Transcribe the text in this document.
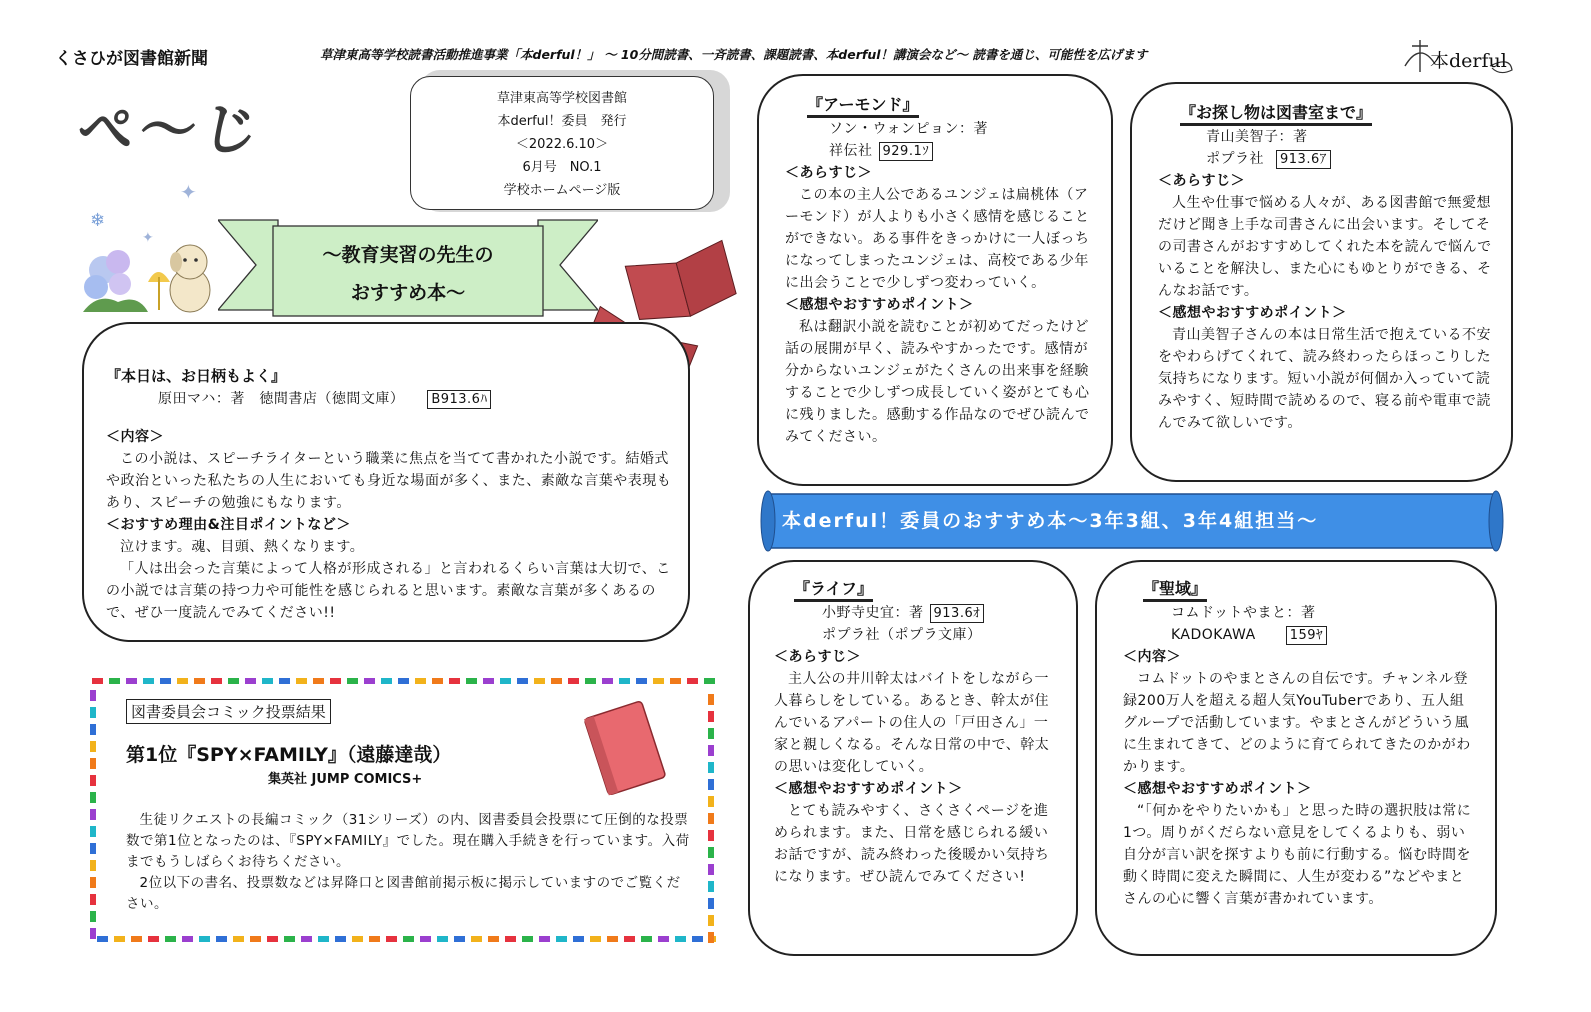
くさひが図書館新聞	草津東高等学校読書活動推進事業「本derful！」 ～ 10分間読書、一斉読書、課題読書、本derful！講演会など～ 読書を通じ、可能性を広げます	本derful
ぺ～じ
✦
❄
✦
草津東高等学校図書館
本derful！委員　発行
＜2022.6.10＞
6月号　NO.1
学校ホームページ版
～教育実習の先生の
おすすめ本～
『本日は、お日柄もよく』
原田マハ：著　徳間書店（徳間文庫） B913.6ﾊ
＜内容＞

この小説は、スピーチライターという職業に焦点を当てて書かれた小説です。結婚式や政治といった私たちの人生においても身近な場面が多く、また、素敵な言葉や表現もあり、スピーチの勉強にもなります。

＜おすすめ理由&注目ポイントなど＞

泣けます。魂、目頭、熱くなります。

「人は出会った言葉によって人格が形成される」と言われるくらい言葉は大切で、この小説では言葉の持つ力や可能性を感じられると思います。素敵な言葉が多くあるので、ぜひ一度読んでみてください!!

図書委員会コミック投票結果
第1位『SPY×FAMILY』（遠藤達哉）
集英社 JUMP COMICS+

生徒リクエストの長編コミック（31シリーズ）の内、図書委員会投票にて圧倒的な投票数で第1位となったのは、『SPY×FAMILY』でした。現在購入手続きを行っています。入荷までもうしばらくお待ちください。

2位以下の書名、投票数などは昇降口と図書館前掲示板に掲示していますのでご覧ください。

『アーモンド』
ソン・ウォンピョン：著
祥伝社 929.1ｿ
＜あらすじ＞

この本の主人公であるユンジェは扁桃体（アーモンド）が人よりも小さく感情を感じることができない。ある事件をきっかけに一人ぼっちになってしまったユンジェは、高校である少年に出会うことで少しずつ変わっていく。

＜感想やおすすめポイント＞

私は翻訳小説を読むことが初めてだったけど話の展開が早く、読みやすかったです。感情が分からないユンジェがたくさんの出来事を経験することで少しずつ成長していく姿がとても心に残りました。感動する作品なのでぜひ読んでみてください。

『お探し物は図書室まで』
青山美智子：著
ポプラ社 913.6ｱ
＜あらすじ＞

人生や仕事で悩める人々が、ある図書館で無愛想だけど聞き上手な司書さんに出会います。そしてその司書さんがおすすめしてくれた本を読んで悩んでいることを解決し、また心にもゆとりができる、そんなお話です。

＜感想やおすすめポイント＞

青山美智子さんの本は日常生活で抱えている不安をやわらげてくれて、読み終わったらほっこりした気持ちになります。短い小説が何個か入っていて読みやすく、短時間で読めるので、寝る前や電車で読んでみて欲しいです。

本derful！委員のおすすめ本～3年3組、3年4組担当～
『ライフ』
小野寺史宜：著 913.6ｵ
ポプラ社（ポプラ文庫）
＜あらすじ＞

主人公の井川幹太はバイトをしながら一人暮らしをしている。あるとき、幹太が住んでいるアパートの住人の「戸田さん」一家と親しくなる。そんな日常の中で、幹太の思いは変化していく。

＜感想やおすすめポイント＞

とても読みやすく、さくさくページを進められます。また、日常を感じられる緩いお話ですが、読み終わった後暖かい気持ちになります。ぜひ読んでみてください!

『聖域』
コムドットやまと：著
KADOKAWA	159ﾔ
＜内容＞

コムドットのやまとさんの自伝です。チャンネル登録200万人を超える超人気YouTuberであり、五人組グループで活動しています。やまとさんがどういう風に生まれてきて、どのように育てられてきたのかがわかります。

＜感想やおすすめポイント＞

“「何かをやりたいかも」と思った時の選択肢は常に1つ。周りがくだらない意見をしてくるよりも、弱い自分が言い訳を探すよりも前に行動する。悩む時間を動く時間に変えた瞬間に、人生が変わる”などやまとさんの心に響く言葉が書かれています。
